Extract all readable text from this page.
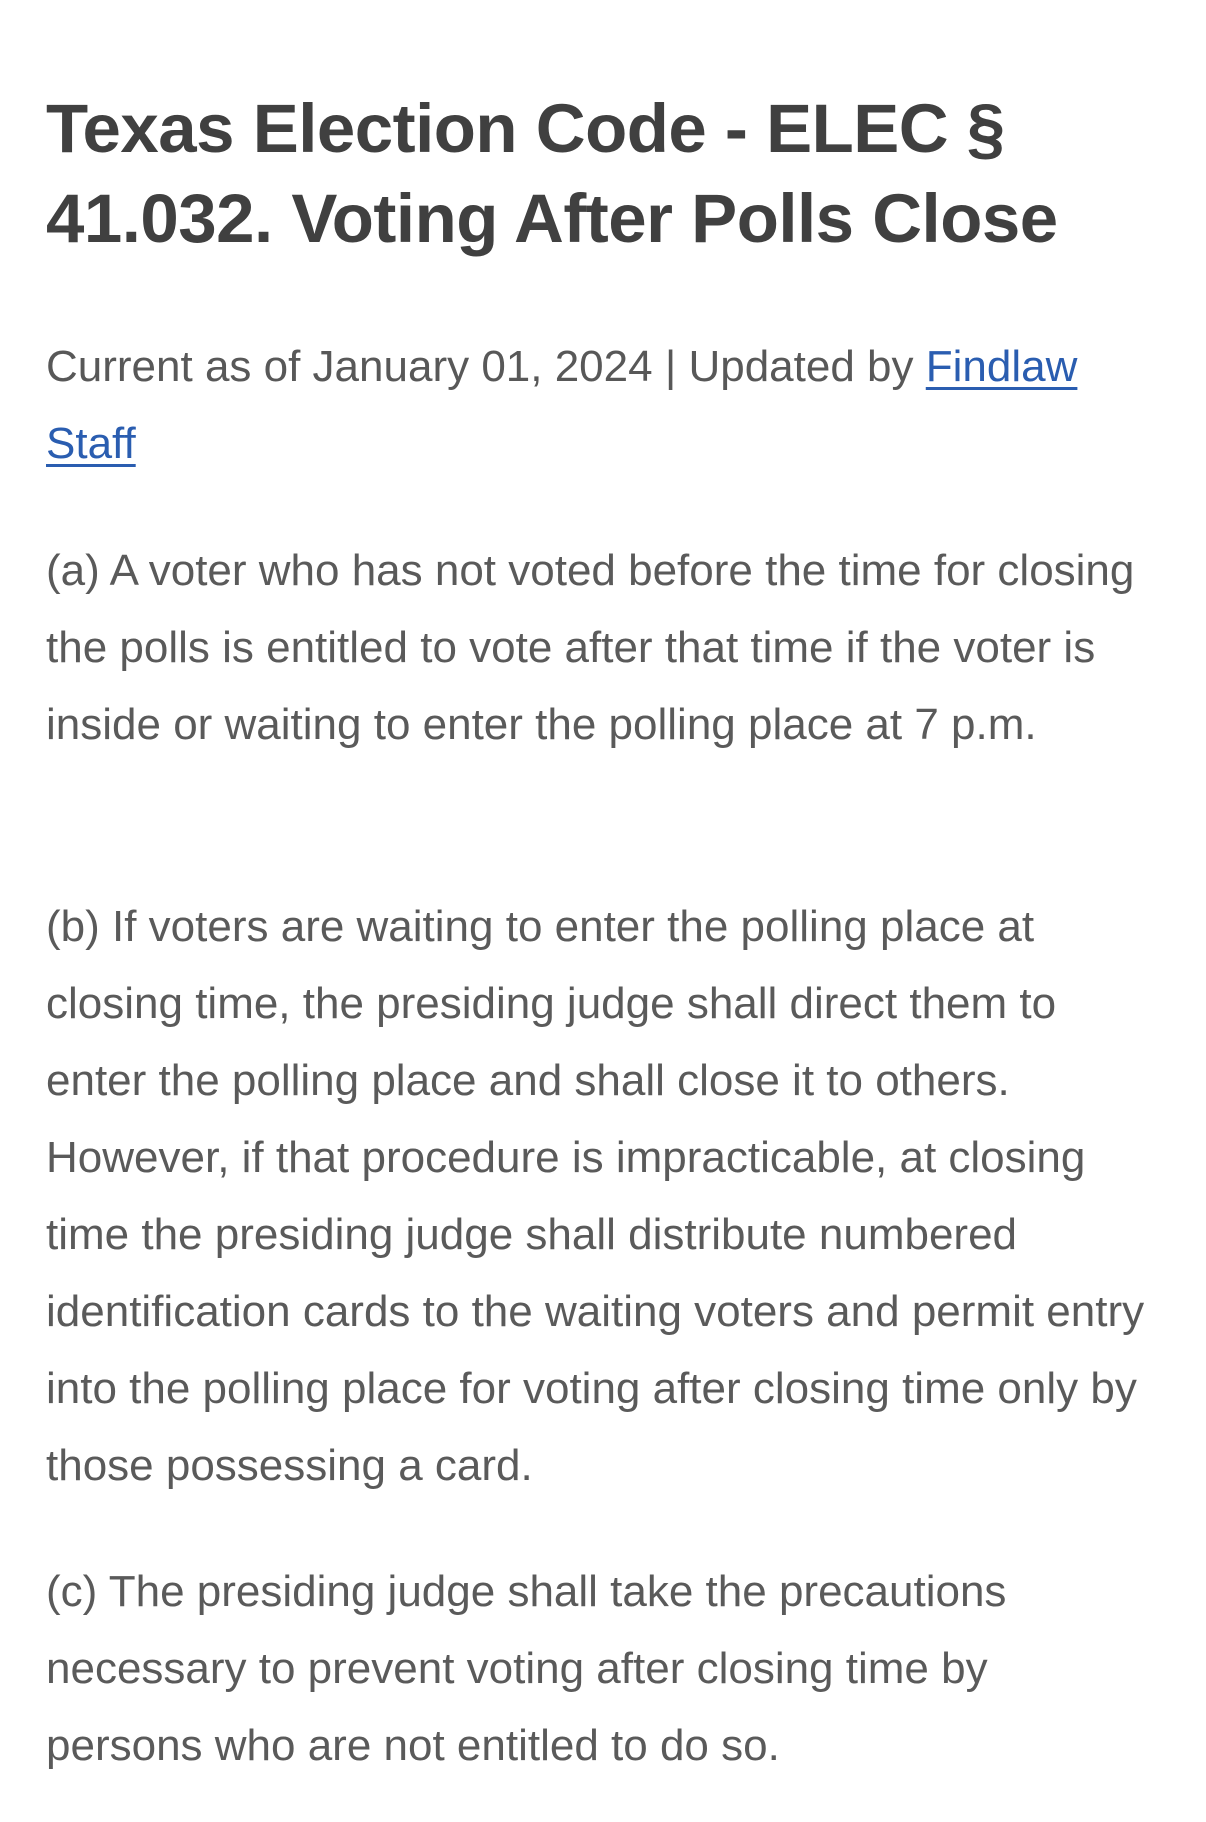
Texas Election Code - ELEC § 41.032. Voting After Polls Close
Current as of January 01, 2024 | Updated by Findlaw Staff

(a) A voter who has not voted before the time for closing the polls is entitled to vote after that time if the voter is inside or waiting to enter the polling place at 7 p.m.

(b) If voters are waiting to enter the polling place at closing time, the presiding judge shall direct them to enter the polling place and shall close it to others. However, if that procedure is impracticable, at closing time the presiding judge shall distribute numbered identification cards to the waiting voters and permit entry into the polling place for voting after closing time only by those possessing a card.

(c) The presiding judge shall take the precautions necessary to prevent voting after closing time by persons who are not entitled to do so.
